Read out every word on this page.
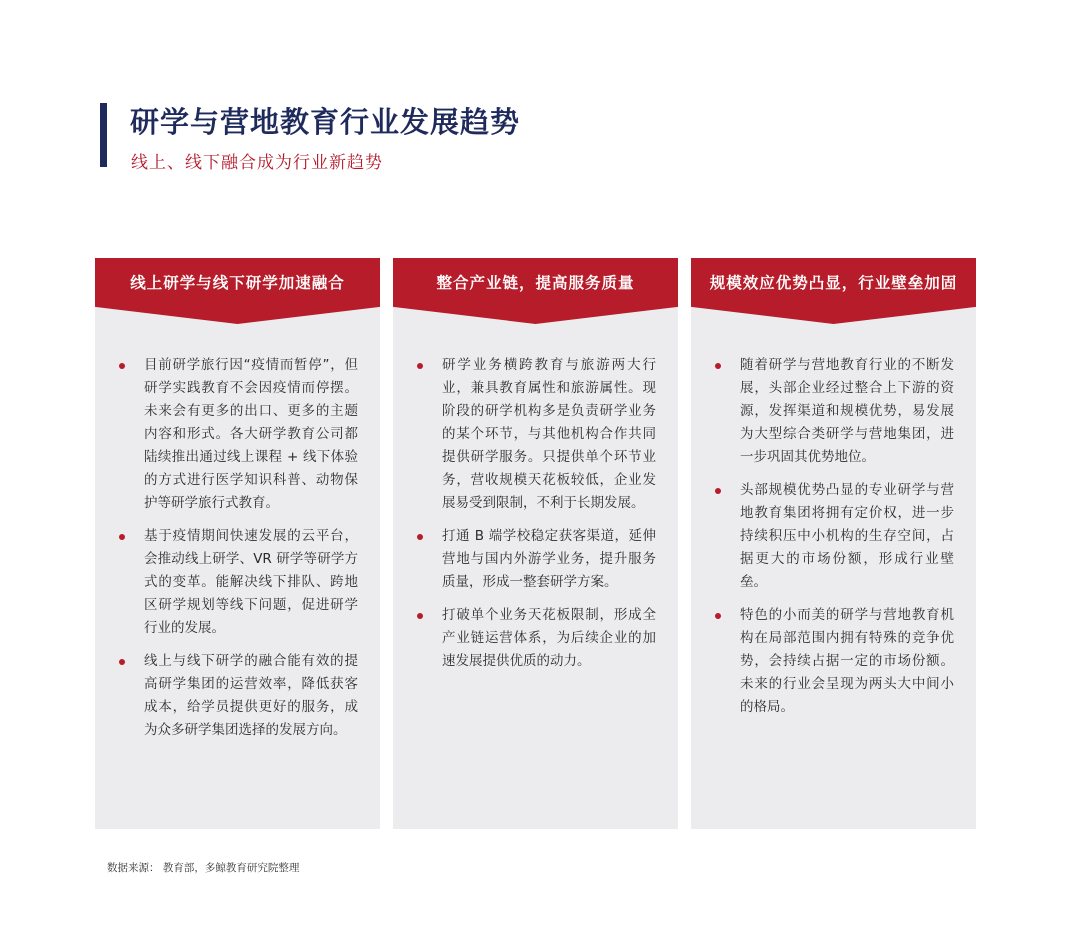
研学与营地教育行业发展趋势
线上、线下融合成为行业新趋势
线上研学与线下研学加速融合
目前研学旅行因“疫情而暂停”，但研学实践教育不会因疫情而停摆。未来会有更多的出口、更多的主题内容和形式。各大研学教育公司都陆续推出通过线上课程 + 线下体验的方式进行医学知识科普、动物保护等研学旅行式教育。
基于疫情期间快速发展的云平台，会推动线上研学、VR 研学等研学方式的变革。能解决线下排队、跨地区研学规划等线下问题，促进研学行业的发展。
线上与线下研学的融合能有效的提高研学集团的运营效率，降低获客成本，给学员提供更好的服务，成为众多研学集团选择的发展方向。
整合产业链，提高服务质量
研学业务横跨教育与旅游两大行业，兼具教育属性和旅游属性。现阶段的研学机构多是负责研学业务的某个环节，与其他机构合作共同提供研学服务。只提供单个环节业务，营收规模天花板较低，企业发展易受到限制，不利于长期发展。
打通 B 端学校稳定获客渠道，延伸营地与国内外游学业务，提升服务质量，形成一整套研学方案。
打破单个业务天花板限制，形成全产业链运营体系，为后续企业的加速发展提供优质的动力。
规模效应优势凸显，行业壁垒加固
随着研学与营地教育行业的不断发展，头部企业经过整合上下游的资源，发挥渠道和规模优势，易发展为大型综合类研学与营地集团，进一步巩固其优势地位。
头部规模优势凸显的专业研学与营地教育集团将拥有定价权，进一步持续积压中小机构的生存空间，占据更大的市场份额，形成行业壁垒。
特色的小而美的研学与营地教育机构在局部范围内拥有特殊的竞争优势，会持续占据一定的市场份额。未来的行业会呈现为两头大中间小的格局。
数据来源： 教育部，多鲸教育研究院整理
